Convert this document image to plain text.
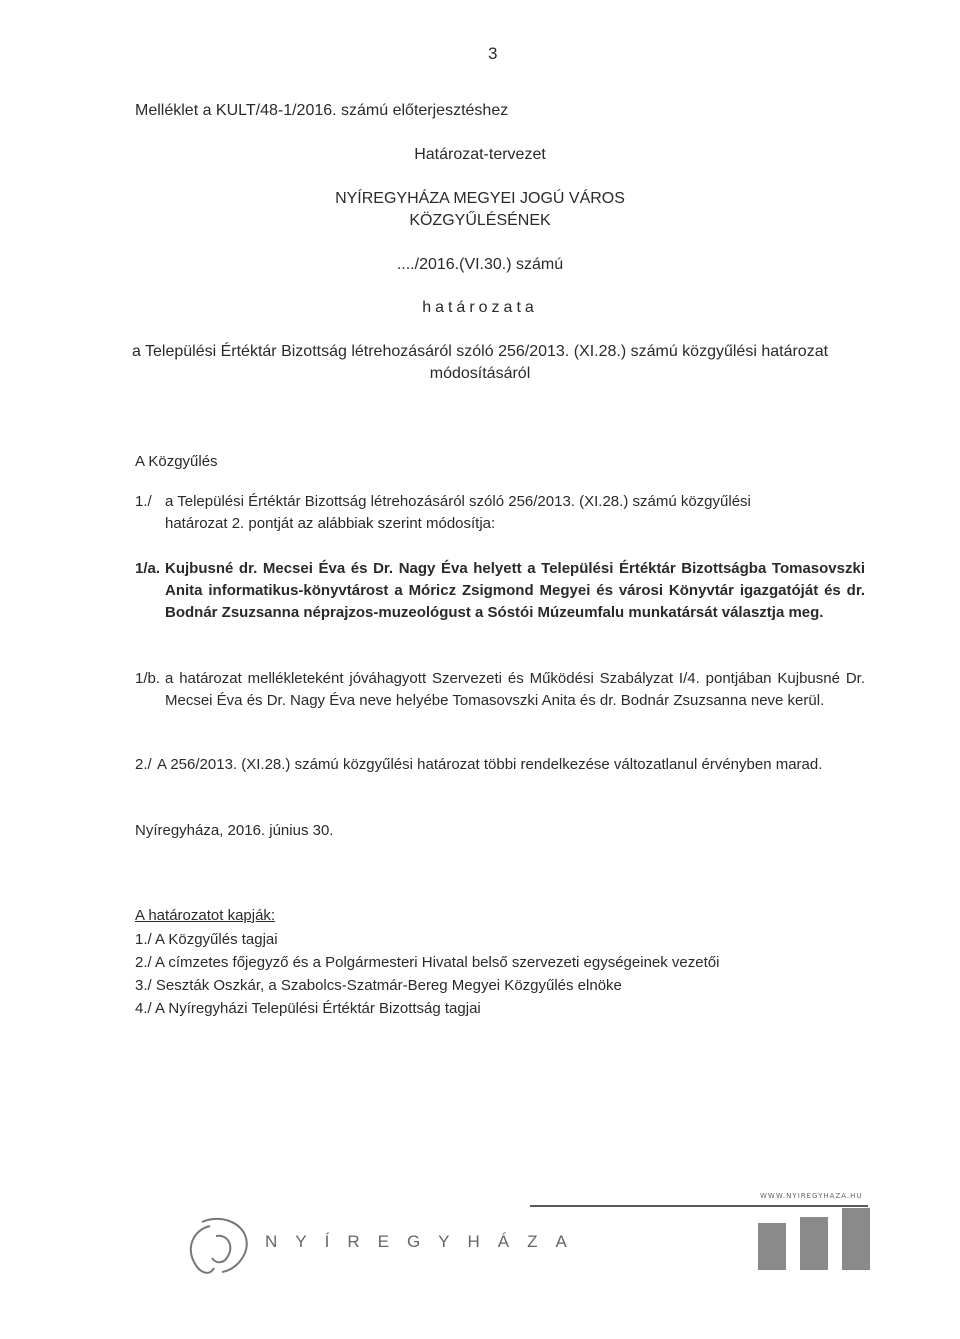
3
Melléklet a KULT/48-1/2016. számú előterjesztéshez
Határozat-tervezet
NYÍREGYHÁZA MEGYEI JOGÚ VÁROS
KÖZGYŰLÉSÉNEK
..../2016.(VI.30.) számú
határozata
a Települési Értéktár Bizottság létrehozásáról szóló 256/2013. (XI.28.) számú közgyűlési határozat
módosításáról
A Közgyűlés
1./ a Települési Értéktár Bizottság létrehozásáról szóló 256/2013. (XI.28.) számú közgyűlési
határozat 2. pontját az alábbiak szerint módosítja:
1/a. Kujbusné dr. Mecsei Éva és Dr. Nagy Éva helyett a Települési Értéktár Bizottságba Tomasovszki Anita informatikus-könyvtárost a Móricz Zsigmond Megyei és városi Könyvtár igazgatóját és dr. Bodnár Zsuzsanna néprajzos-muzeológust a Sóstói Múzeumfalu munkatársát választja meg.
1/b. a határozat mellékleteként jóváhagyott Szervezeti és Működési Szabályzat I/4. pontjában Kujbusné Dr. Mecsei Éva és Dr. Nagy Éva neve helyébe Tomasovszki Anita és dr. Bodnár Zsuzsanna neve kerül.
2./ A 256/2013. (XI.28.) számú közgyűlési határozat többi rendelkezése változatlanul érvényben marad.
Nyíregyháza, 2016. június 30.
A határozatot kapják:
1./ A Közgyűlés tagjai
2./ A címzetes főjegyző és a Polgármesteri Hivatal belső szervezeti egységeinek vezetői
3./ Seszták Oszkár, a Szabolcs-Szatmár-Bereg Megyei Közgyűlés elnöke
4./ A Nyíregyházi Települési Értéktár Bizottság tagjai
WWW.NYIREGYHAZA.HU
NYÍREGYHÁZA
